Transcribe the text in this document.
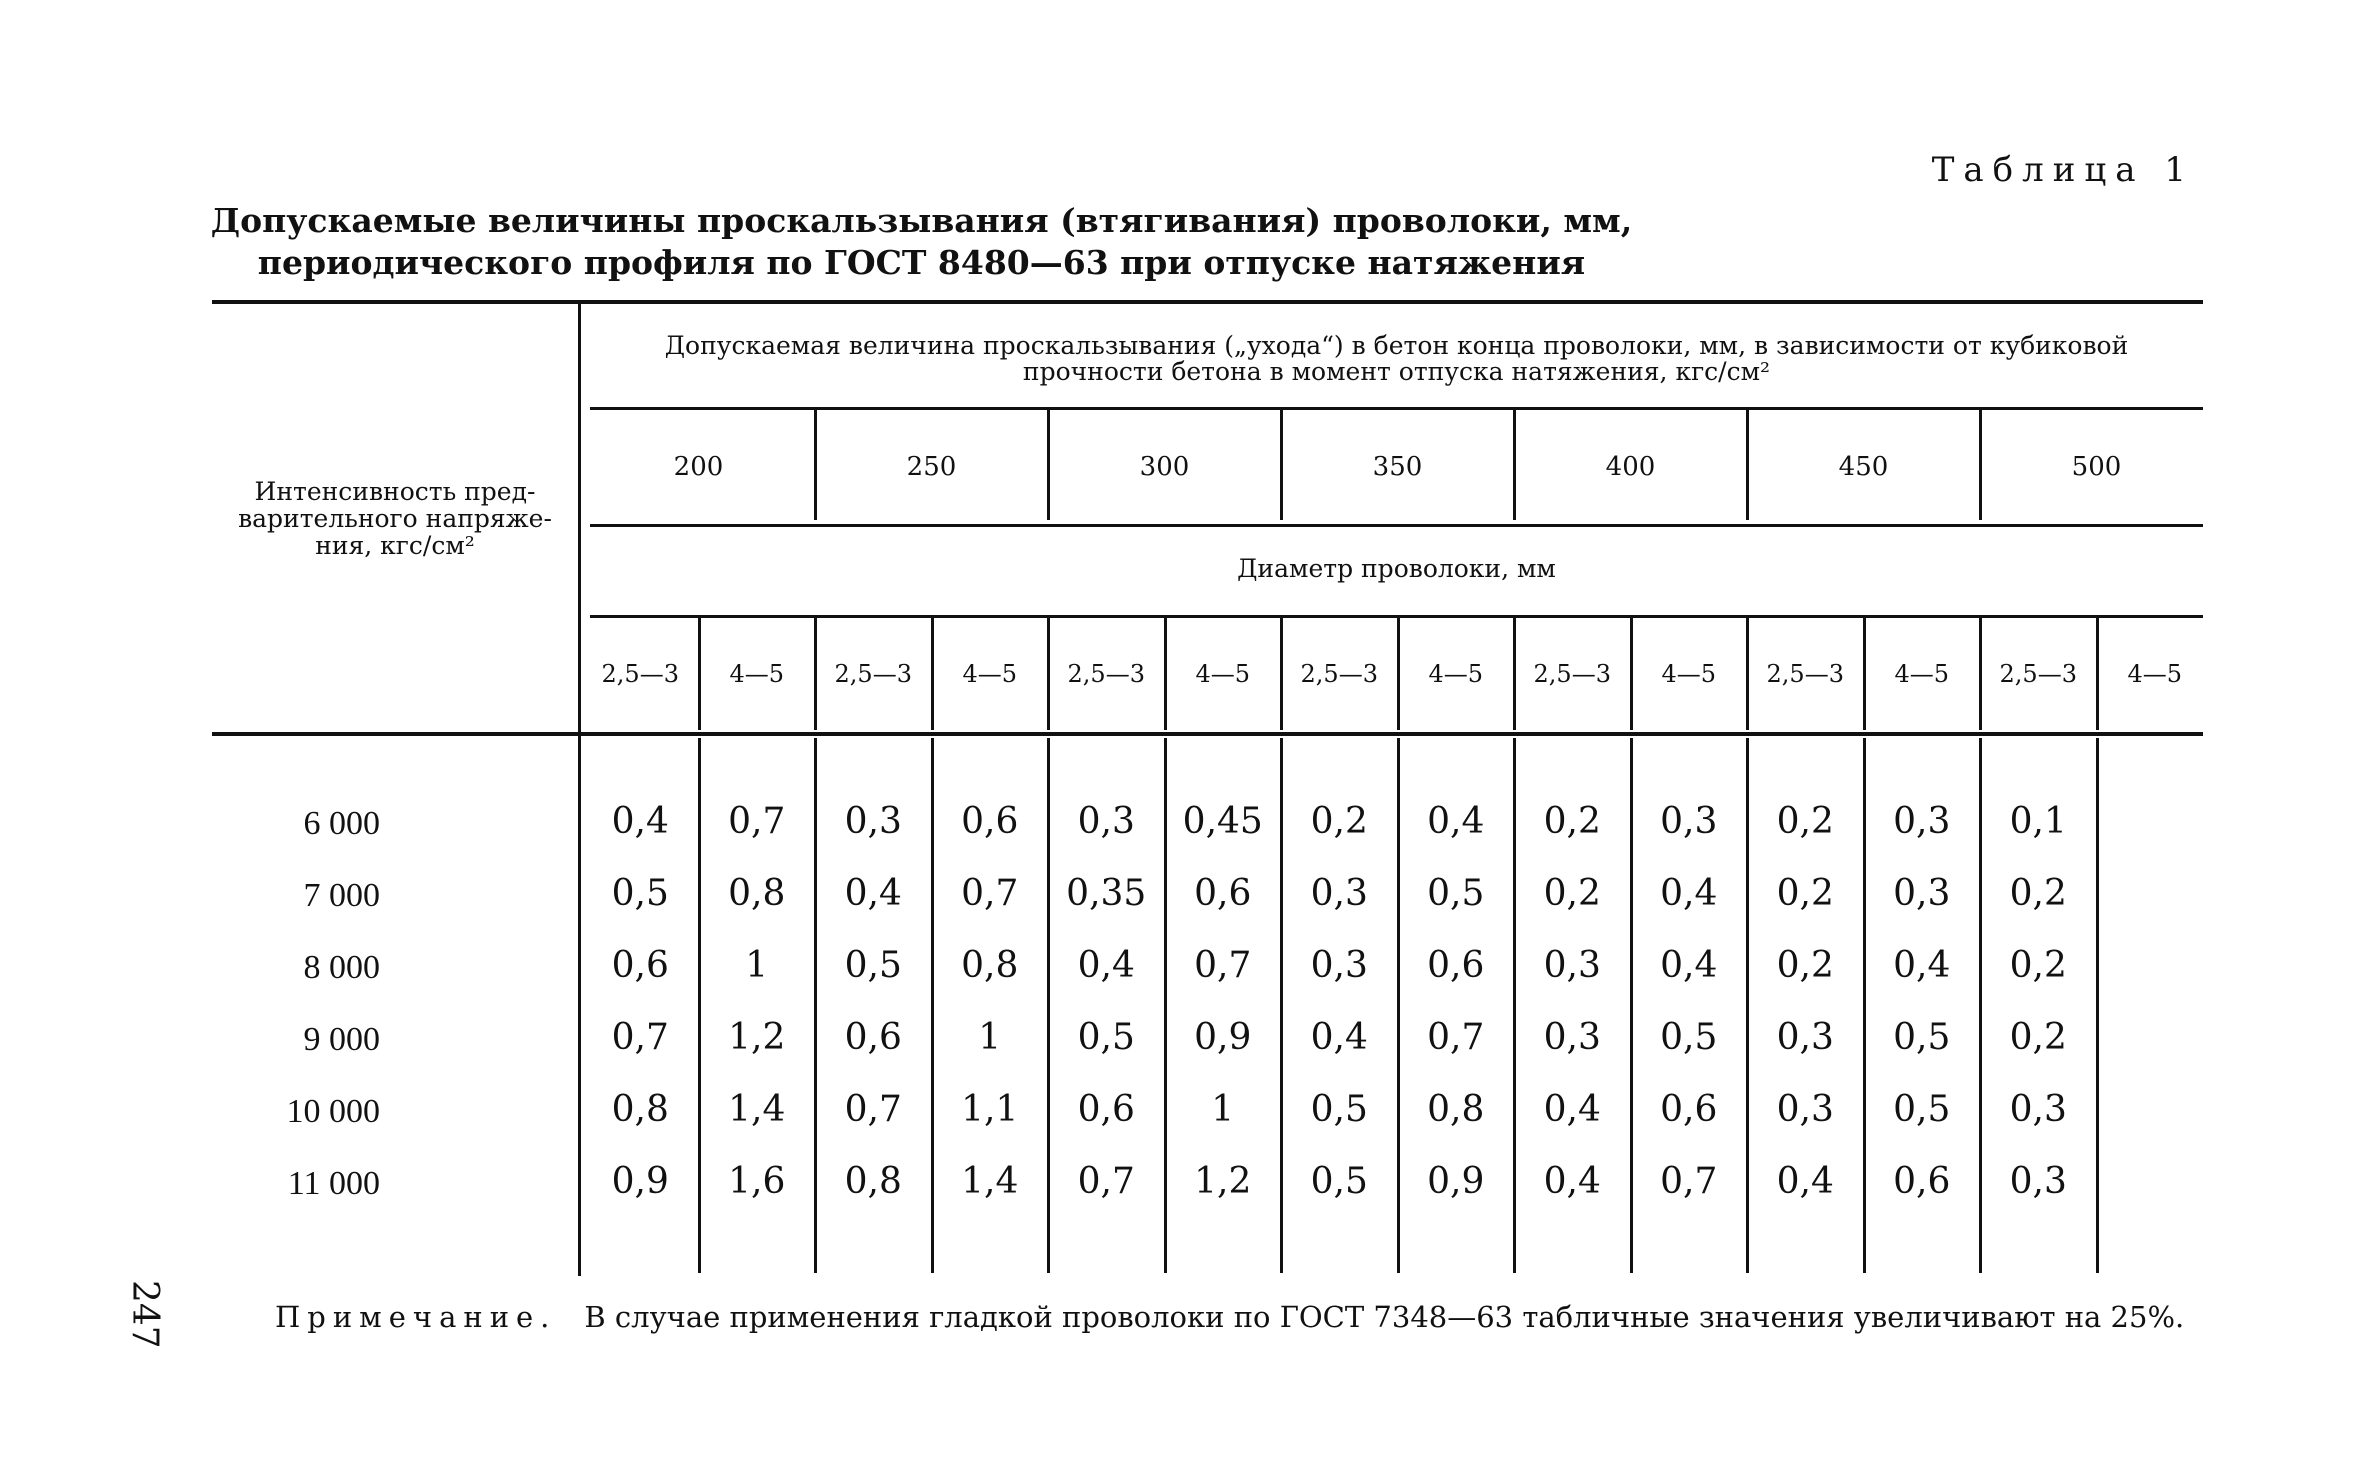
Таблица 1
Допускаемые величины проскальзывания (втягивания) проволоки, мм,
периодического профиля по ГОСТ 8480—63 при отпуске натяжения
Интенсивность пред-
варительного напряже-
ния, кгс/см²
Допускаемая величина проскальзывания („ухода“) в бетон конца проволоки, мм, в зависимости от кубиковой
прочности бетона в момент отпуска натяжения, кгс/см²
200	250	300	350	400	450	500
Диаметр проволоки, мм
2,5—3	4—5	2,5—3	4—5	2,5—3	4—5	2,5—3	4—5	2,5—3	4—5	2,5—3	4—5	2,5—3	4—5
6 000	0,4	0,7	0,3	0,6	0,3	0,45	0,2	0,4	0,2	0,3	0,2	0,3	0,1
7 000	0,5	0,8	0,4	0,7	0,35	0,6	0,3	0,5	0,2	0,4	0,2	0,3	0,2
8 000	0,6	1	0,5	0,8	0,4	0,7	0,3	0,6	0,3	0,4	0,2	0,4	0,2
9 000	0,7	1,2	0,6	1	0,5	0,9	0,4	0,7	0,3	0,5	0,3	0,5	0,2
10 000	0,8	1,4	0,7	1,1	0,6	1	0,5	0,8	0,4	0,6	0,3	0,5	0,3
11 000	0,9	1,6	0,8	1,4	0,7	1,2	0,5	0,9	0,4	0,7	0,4	0,6	0,3
247	Примечание. В случае применения гладкой проволоки по ГОСТ 7348—63 табличные значения увеличивают на 25%.
